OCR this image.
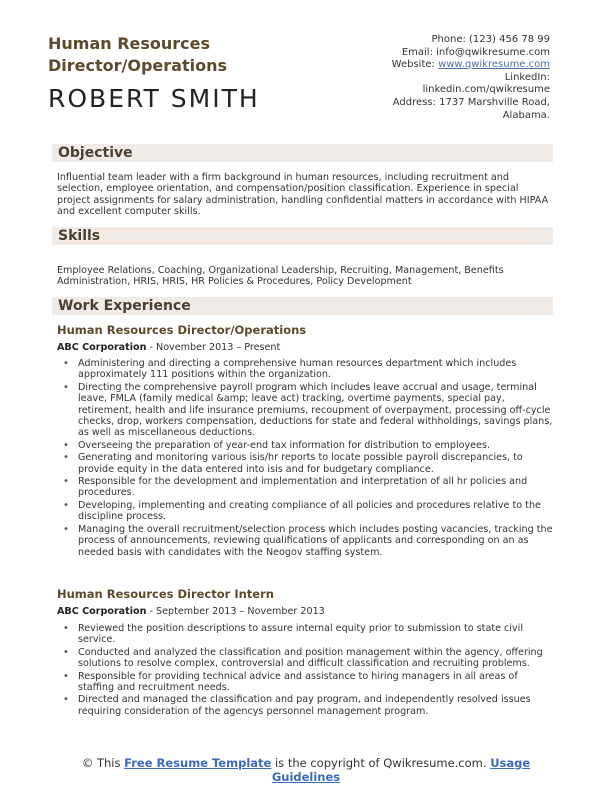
Human Resources Director/Operations
ROBERT SMITH
Phone: (123) 456 78 99
Email: info@qwikresume.com
Website: www.qwikresume.com
LinkedIn:
linkedin.com/qwikresume
Address: 1737 Marshville Road,
Alabama.
Objective
Influential team leader with a firm background in human resources, including recruitment and selection, employee orientation, and compensation/position classification. Experience in special project assignments for salary administration, handling confidential matters in accordance with HIPAA and excellent computer skills.
Skills
Employee Relations, Coaching, Organizational Leadership, Recruiting, Management, Benefits Administration, HRIS, HRIS, HR Policies & Procedures, Policy Development
Work Experience
Human Resources Director/Operations
ABC Corporation - November 2013 – Present
• Administering and directing a comprehensive human resources department which includes approximately 111 positions within the organization.
• Directing the comprehensive payroll program which includes leave accrual and usage, terminal leave, FMLA (family medical &amp; leave act) tracking, overtime payments, special pay, retirement, health and life insurance premiums, recoupment of overpayment, processing off-cycle checks, drop, workers compensation, deductions for state and federal withholdings, savings plans, as well as miscellaneous deductions.
• Overseeing the preparation of year-end tax information for distribution to employees.
• Generating and monitoring various isis/hr reports to locate possible payroll discrepancies, to provide equity in the data entered into isis and for budgetary compliance.
• Responsible for the development and implementation and interpretation of all hr policies and procedures.
• Developing, implementing and creating compliance of all policies and procedures relative to the discipline process.
• Managing the overall recruitment/selection process which includes posting vacancies, tracking the process of announcements, reviewing qualifications of applicants and corresponding on an as needed basis with candidates with the Neogov staffing system.
Human Resources Director Intern
ABC Corporation - September 2013 – November 2013
• Reviewed the position descriptions to assure internal equity prior to submission to state civil service.
• Conducted and analyzed the classification and position management within the agency, offering solutions to resolve complex, controversial and difficult classification and recruiting problems.
• Responsible for providing technical advice and assistance to hiring managers in all areas of staffing and recruitment needs.
• Directed and managed the classification and pay program, and independently resolved issues requiring consideration of the agencys personnel management program.
© This Free Resume Template is the copyright of Qwikresume.com. Usage Guidelines
